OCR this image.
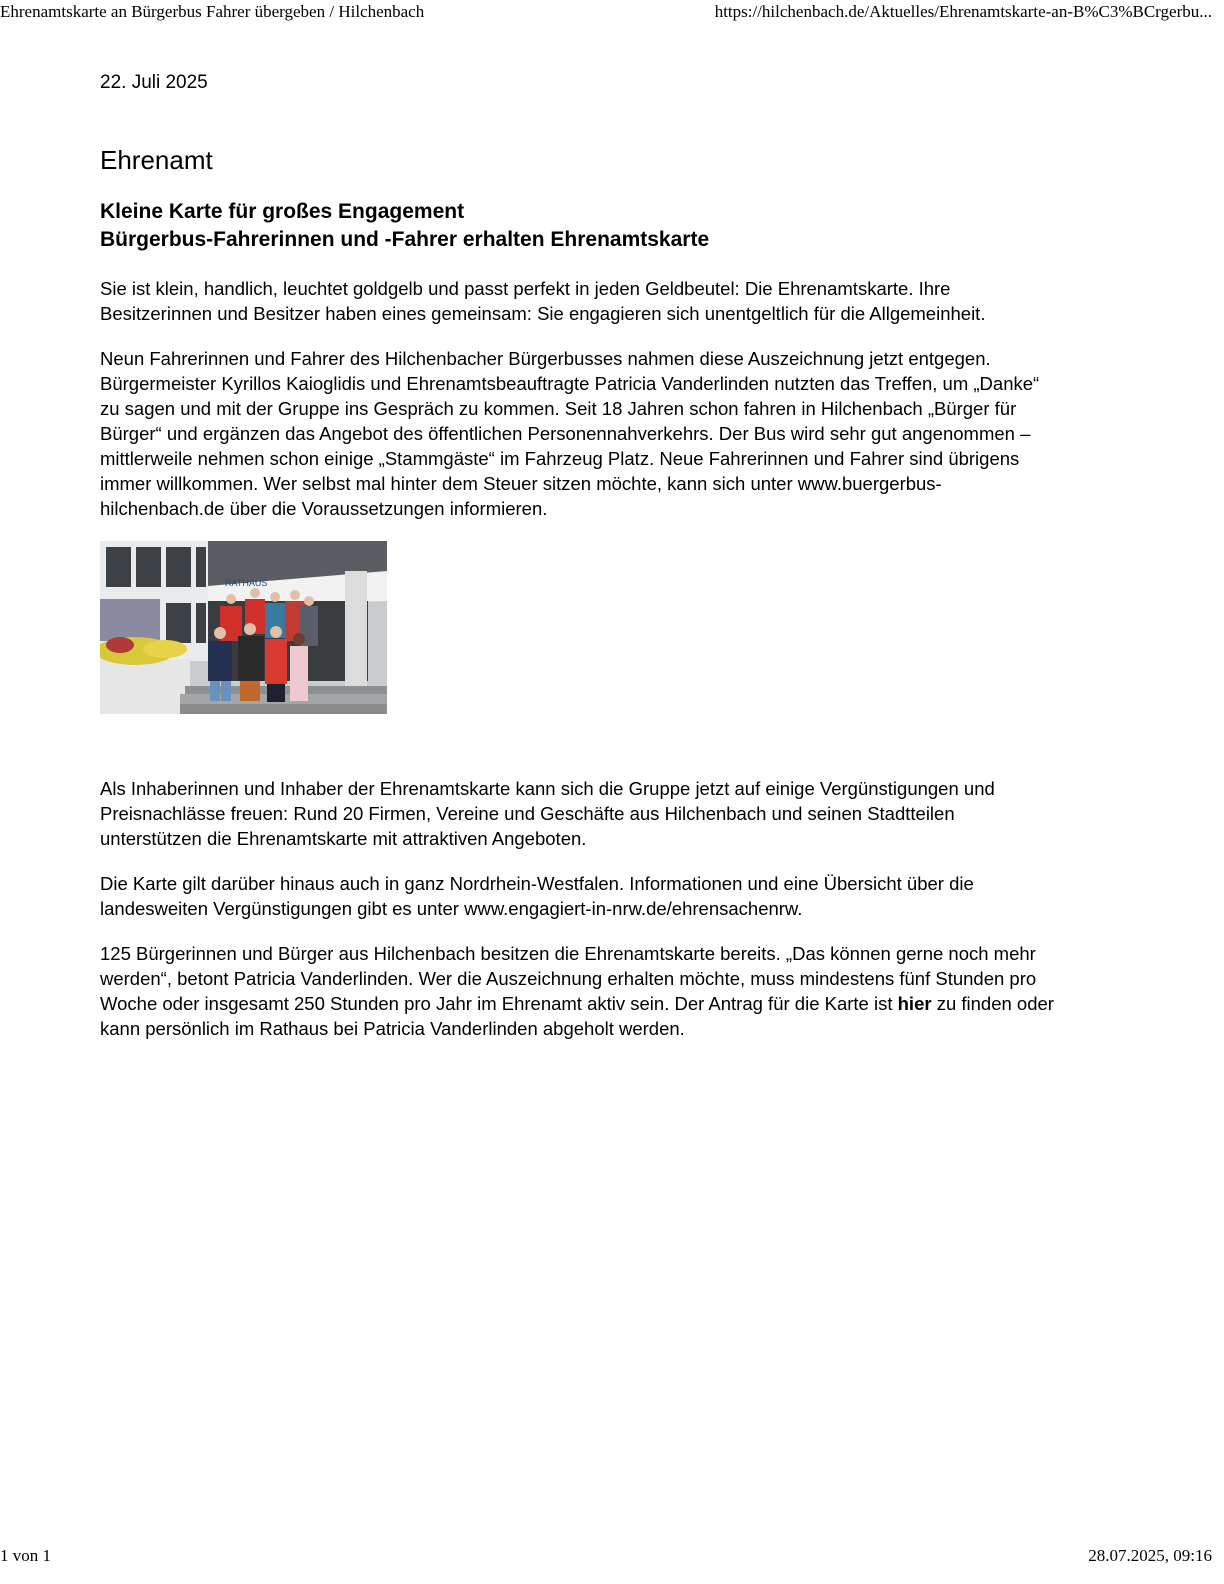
Ehrenamtskarte an Bürgerbus Fahrer übergeben / Hilchenbach	https://hilchenbach.de/Aktuelles/Ehrenamtskarte-an-B%C3%BCrgerbu...

22. Juli 2025

Ehrenamt
Kleine Karte für großes Engagement
Bürgerbus-Fahrerinnen und -Fahrer erhalten Ehrenamtskarte

Sie ist klein, handlich, leuchtet goldgelb und passt perfekt in jeden Geldbeutel: Die Ehrenamtskarte. Ihre
Besitzerinnen und Besitzer haben eines gemeinsam: Sie engagieren sich unentgeltlich für die Allgemeinheit.

Neun Fahrerinnen und Fahrer des Hilchenbacher Bürgerbusses nahmen diese Auszeichnung jetzt entgegen.
Bürgermeister Kyrillos Kaioglidis und Ehrenamtsbeauftragte Patricia Vanderlinden nutzten das Treffen, um „Danke“
zu sagen und mit der Gruppe ins Gespräch zu kommen. Seit 18 Jahren schon fahren in Hilchenbach „Bürger für
Bürger“ und ergänzen das Angebot des öffentlichen Personennahverkehrs. Der Bus wird sehr gut angenommen –
mittlerweile nehmen schon einige „Stammgäste“ im Fahrzeug Platz. Neue Fahrerinnen und Fahrer sind übrigens
immer willkommen. Wer selbst mal hinter dem Steuer sitzen möchte, kann sich unter www.buergerbus-
hilchenbach.de über die Voraussetzungen informieren.

RATHAUS

Als Inhaberinnen und Inhaber der Ehrenamtskarte kann sich die Gruppe jetzt auf einige Vergünstigungen und
Preisnachlässe freuen: Rund 20 Firmen, Vereine und Geschäfte aus Hilchenbach und seinen Stadtteilen
unterstützen die Ehrenamtskarte mit attraktiven Angeboten.

Die Karte gilt darüber hinaus auch in ganz Nordrhein-Westfalen. Informationen und eine Übersicht über die
landesweiten Vergünstigungen gibt es unter www.engagiert-in-nrw.de/ehrensachenrw.

125 Bürgerinnen und Bürger aus Hilchenbach besitzen die Ehrenamtskarte bereits. „Das können gerne noch mehr
werden“, betont Patricia Vanderlinden. Wer die Auszeichnung erhalten möchte, muss mindestens fünf Stunden pro
Woche oder insgesamt 250 Stunden pro Jahr im Ehrenamt aktiv sein. Der Antrag für die Karte ist hier zu finden oder
kann persönlich im Rathaus bei Patricia Vanderlinden abgeholt werden.

1 von 1	28.07.2025, 09:16
